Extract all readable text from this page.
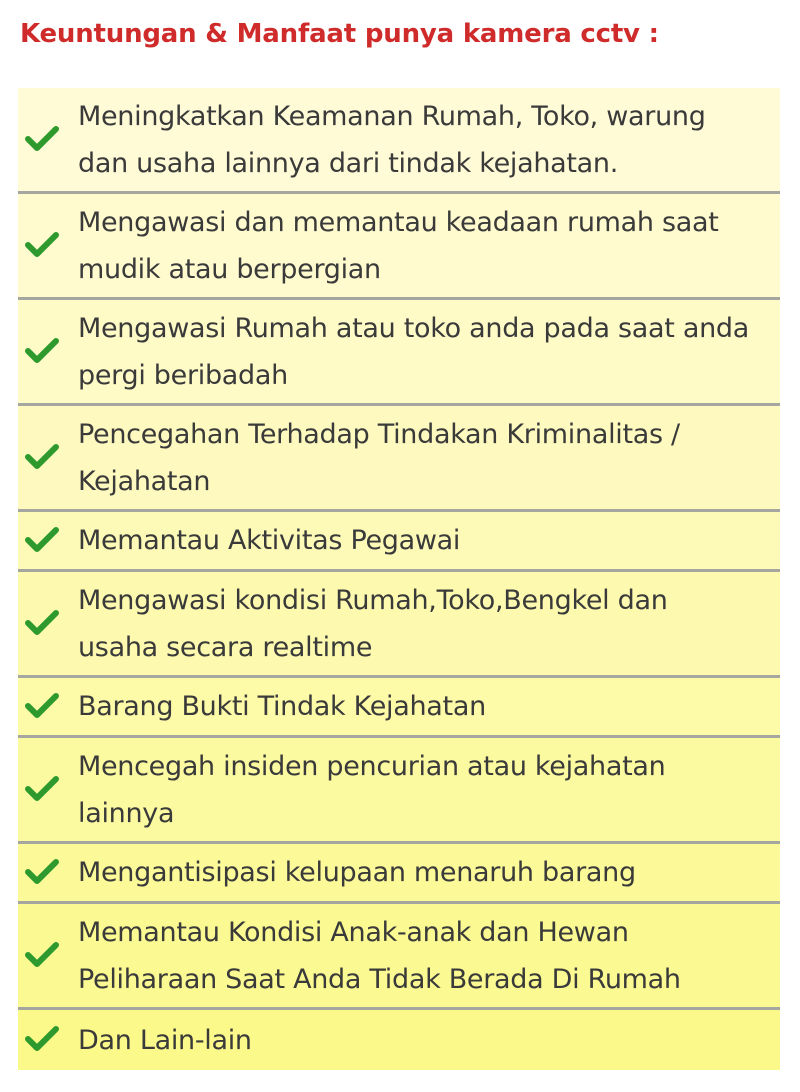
Keuntungan & Manfaat punya kamera cctv :
Meningkatkan Keamanan Rumah, Toko, warung
dan usaha lainnya dari tindak kejahatan.
Mengawasi dan memantau keadaan rumah saat
mudik atau berpergian
Mengawasi Rumah atau toko anda pada saat anda
pergi beribadah
Pencegahan Terhadap Tindakan Kriminalitas /
Kejahatan
Memantau Aktivitas Pegawai
Mengawasi kondisi Rumah,Toko,Bengkel dan
usaha secara realtime
Barang Bukti Tindak Kejahatan
Mencegah insiden pencurian atau kejahatan
lainnya
Mengantisipasi kelupaan menaruh barang
Memantau Kondisi Anak-anak dan Hewan
Peliharaan Saat Anda Tidak Berada Di Rumah
Dan Lain-lain
